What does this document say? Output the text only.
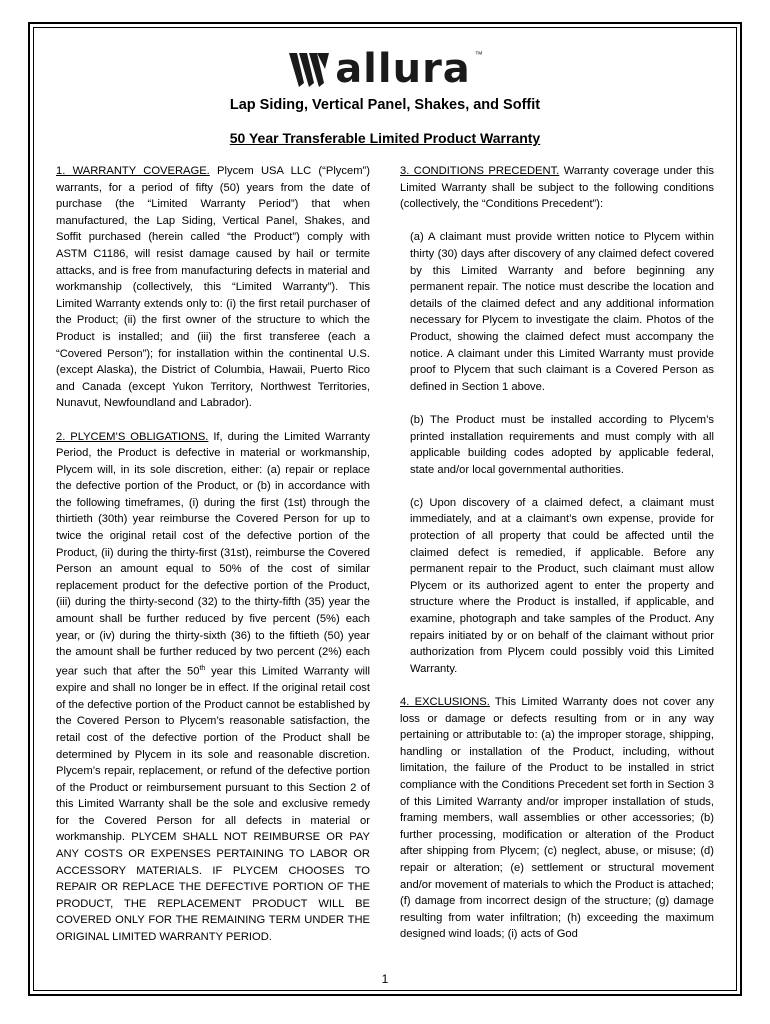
allura ™
Lap Siding, Vertical Panel, Shakes, and Soffit
50 Year Transferable Limited Product Warranty

1. WARRANTY COVERAGE. Plycem USA LLC (“Plycem”) warrants, for a period of fifty (50) years from the date of purchase (the “Limited Warranty Period”) that when manufactured, the Lap Siding, Vertical Panel, Shakes, and Soffit purchased (herein called “the Product”) comply with ASTM C1186, will resist damage caused by hail or termite attacks, and is free from manufacturing defects in material and workmanship (collectively, this “Limited Warranty”). This Limited Warranty extends only to: (i) the first retail purchaser of the Product; (ii) the first owner of the structure to which the Product is installed; and (iii) the first transferee (each a “Covered Person”); for installation within the continental U.S. (except Alaska), the District of Columbia, Hawaii, Puerto Rico and Canada (except Yukon Territory, Northwest Territories, Nunavut, Newfoundland and Labrador).

2. PLYCEM’S OBLIGATIONS. If, during the Limited Warranty Period, the Product is defective in material or workmanship, Plycem will, in its sole discretion, either: (a) repair or replace the defective portion of the Product, or (b) in accordance with the following timeframes, (i) during the first (1st) through the thirtieth (30th) year reimburse the Covered Person for up to twice the original retail cost of the defective portion of the Product, (ii) during the thirty-first (31st), reimburse the Covered Person an amount equal to 50% of the cost of similar replacement product for the defective portion of the Product, (iii) during the thirty-second (32) to the thirty-fifth (35) year the amount shall be further reduced by five percent (5%) each year, or (iv) during the thirty-sixth (36) to the fiftieth (50) year the amount shall be further reduced by two percent (2%) each year such that after the 50th year this Limited Warranty will expire and shall no longer be in effect. If the original retail cost of the defective portion of the Product cannot be established by the Covered Person to Plycem’s reasonable satisfaction, the retail cost of the defective portion of the Product shall be determined by Plycem in its sole and reasonable discretion. Plycem’s repair, replacement, or refund of the defective portion of the Product or reimbursement pursuant to this Section 2 of this Limited Warranty shall be the sole and exclusive remedy for the Covered Person for all defects in material or workmanship. PLYCEM SHALL NOT REIMBURSE OR PAY ANY COSTS OR EXPENSES PERTAINING TO LABOR OR ACCESSORY MATERIALS. IF PLYCEM CHOOSES TO REPAIR OR REPLACE THE DEFECTIVE PORTION OF THE PRODUCT, THE REPLACEMENT PRODUCT WILL BE COVERED ONLY FOR THE REMAINING TERM UNDER THE ORIGINAL LIMITED WARRANTY PERIOD.

3. CONDITIONS PRECEDENT. Warranty coverage under this Limited Warranty shall be subject to the following conditions (collectively, the “Conditions Precedent”):

(a) A claimant must provide written notice to Plycem within thirty (30) days after discovery of any claimed defect covered by this Limited Warranty and before beginning any permanent repair. The notice must describe the location and details of the claimed defect and any additional information necessary for Plycem to investigate the claim. Photos of the Product, showing the claimed defect must accompany the notice. A claimant under this Limited Warranty must provide proof to Plycem that such claimant is a Covered Person as defined in Section 1 above.

(b) The Product must be installed according to Plycem’s printed installation requirements and must comply with all applicable building codes adopted by applicable federal, state and/or local governmental authorities.

(c) Upon discovery of a claimed defect, a claimant must immediately, and at a claimant’s own expense, provide for protection of all property that could be affected until the claimed defect is remedied, if applicable. Before any permanent repair to the Product, such claimant must allow Plycem or its authorized agent to enter the property and structure where the Product is installed, if applicable, and examine, photograph and take samples of the Product. Any repairs initiated by or on behalf of the claimant without prior authorization from Plycem could possibly void this Limited Warranty.

4. EXCLUSIONS. This Limited Warranty does not cover any loss or damage or defects resulting from or in any way pertaining or attributable to: (a) the improper storage, shipping, handling or installation of the Product, including, without limitation, the failure of the Product to be installed in strict compliance with the Conditions Precedent set forth in Section 3 of this Limited Warranty and/or improper installation of studs, framing members, wall assemblies or other accessories; (b) further processing, modification or alteration of the Product after shipping from Plycem; (c) neglect, abuse, or misuse; (d) repair or alteration; (e) settlement or structural movement and/or movement of materials to which the Product is attached; (f) damage from incorrect design of the structure; (g) damage resulting from water infiltration; (h) exceeding the maximum designed wind loads; (i) acts of God

1
